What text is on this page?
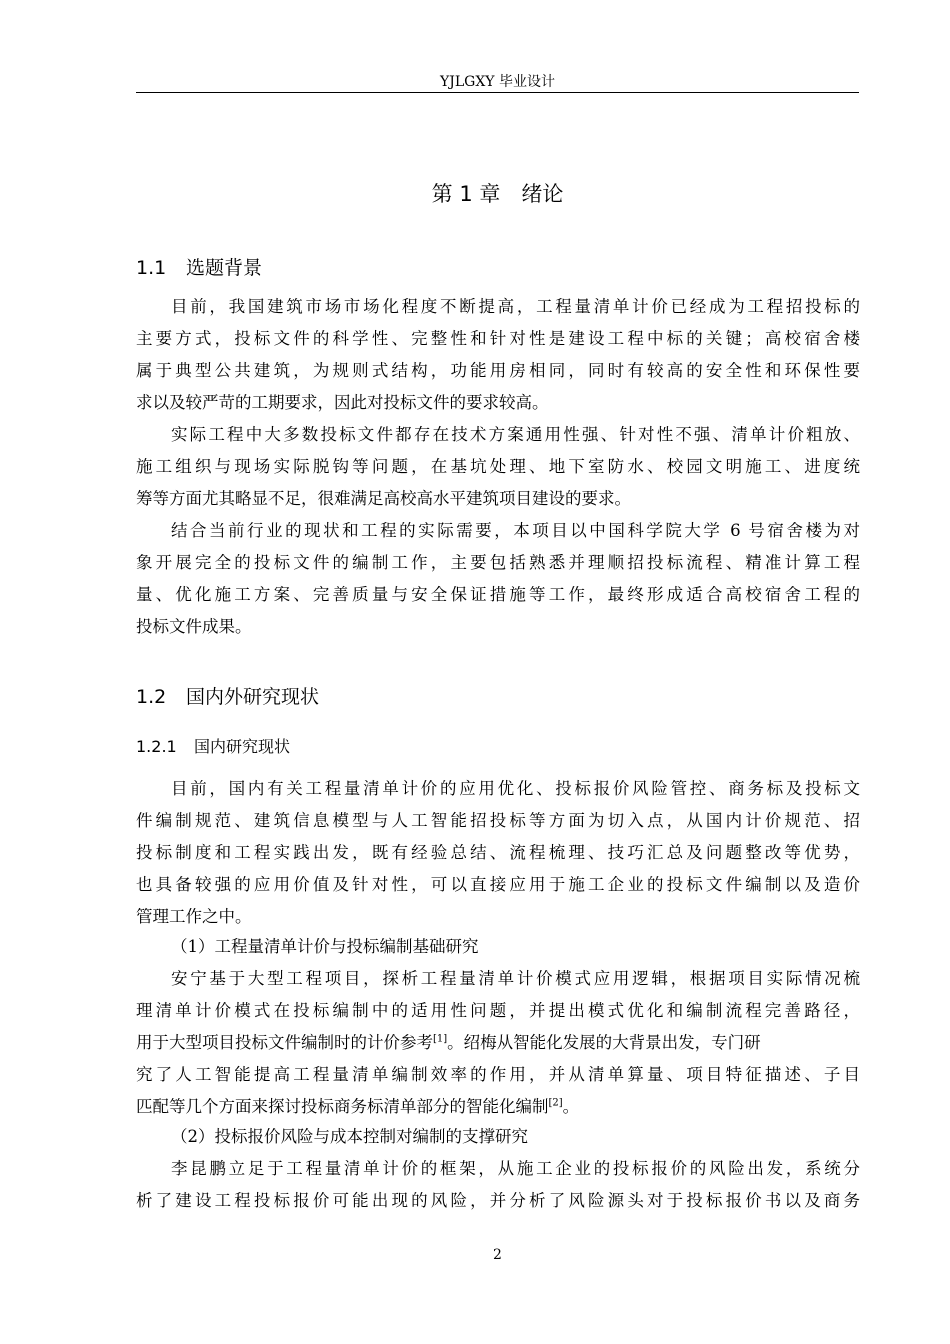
YJLGXY 毕业设计
第 1 章　绪论
1.1 选题背景
目前，我国建筑市场市场化程度不断提高，工程量清单计价已经成为工程招投标的
主要方式，投标文件的科学性、完整性和针对性是建设工程中标的关键；高校宿舍楼
属于典型公共建筑，为规则式结构，功能用房相同，同时有较高的安全性和环保性要
求以及较严苛的工期要求，因此对投标文件的要求较高。
实际工程中大多数投标文件都存在技术方案通用性强、针对性不强、清单计价粗放、
施工组织与现场实际脱钩等问题，在基坑处理、地下室防水、校园文明施工、进度统
筹等方面尤其略显不足，很难满足高校高水平建筑项目建设的要求。
结合当前行业的现状和工程的实际需要，本项目以中国科学院大学 6 号宿舍楼为对
象开展完全的投标文件的编制工作，主要包括熟悉并理顺招投标流程、精准计算工程
量、优化施工方案、完善质量与安全保证措施等工作，最终形成适合高校宿舍工程的
投标文件成果。
1.2 国内外研究现状
1.2.1 国内研究现状
目前，国内有关工程量清单计价的应用优化、投标报价风险管控、商务标及投标文
件编制规范、建筑信息模型与人工智能招投标等方面为切入点，从国内计价规范、招
投标制度和工程实践出发，既有经验总结、流程梳理、技巧汇总及问题整改等优势，
也具备较强的应用价值及针对性，可以直接应用于施工企业的投标文件编制以及造价
管理工作之中。
（1）工程量清单计价与投标编制基础研究
安宁基于大型工程项目，探析工程量清单计价模式应用逻辑，根据项目实际情况梳
理清单计价模式在投标编制中的适用性问题，并提出模式优化和编制流程完善路径，
用于大型项目投标文件编制时的计价参考[1]。绍梅从智能化发展的大背景出发，专门研
究了人工智能提高工程量清单编制效率的作用，并从清单算量、项目特征描述、子目
匹配等几个方面来探讨投标商务标清单部分的智能化编制[2]。
（2）投标报价风险与成本控制对编制的支撑研究
李昆鹏立足于工程量清单计价的框架，从施工企业的投标报价的风险出发，系统分
析了建设工程投标报价可能出现的风险，并分析了风险源头对于投标报价书以及商务
2
